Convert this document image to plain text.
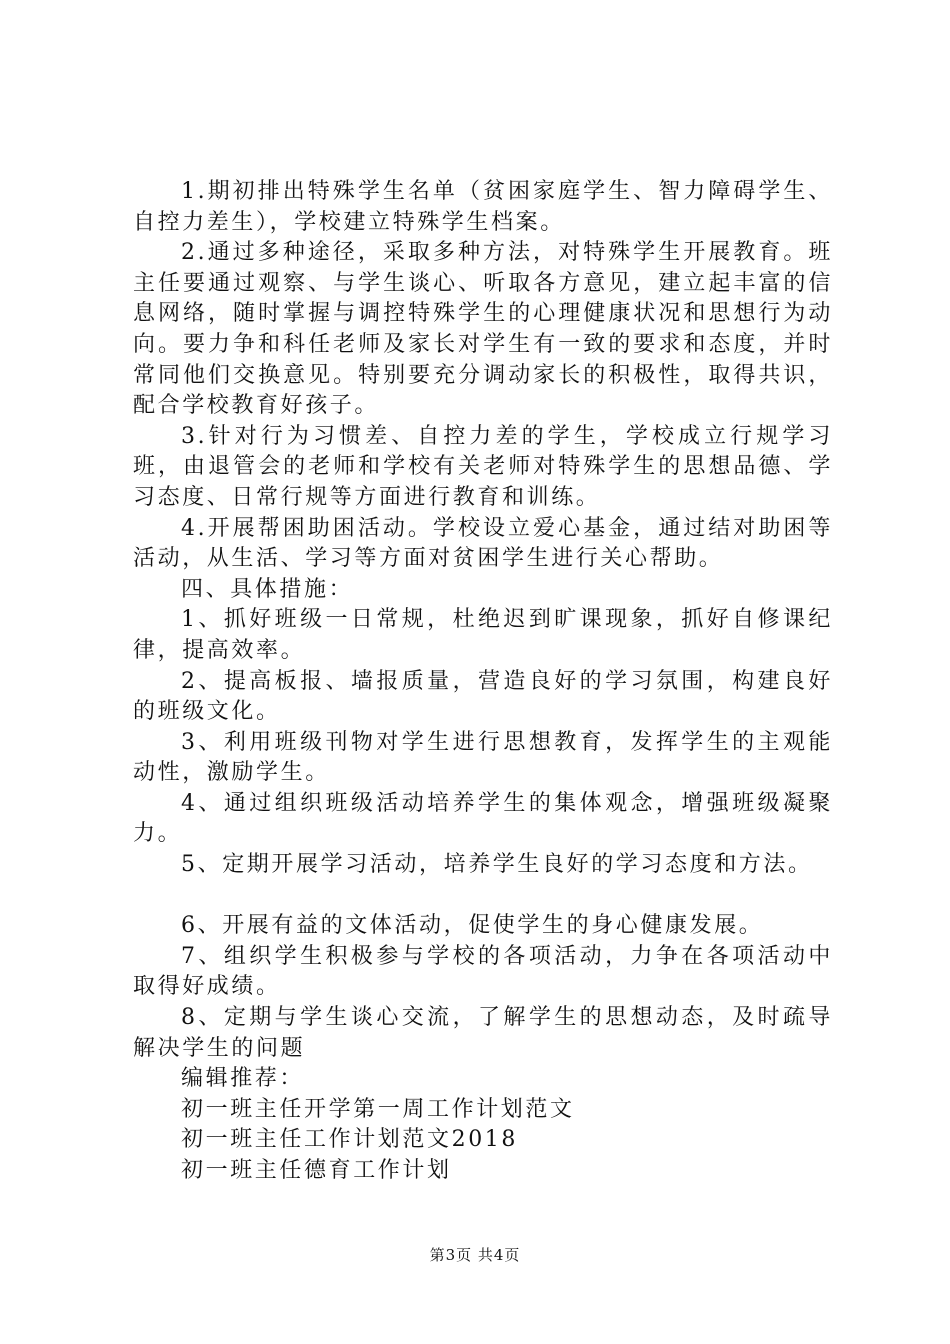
1.期初排出特殊学生名单（贫困家庭学生、智力障碍学生、自控力差生），学校建立特殊学生档案。

2.通过多种途径，采取多种方法，对特殊学生开展教育。班主任要通过观察、与学生谈心、听取各方意见，建立起丰富的信息网络，随时掌握与调控特殊学生的心理健康状况和思想行为动向。要力争和科任老师及家长对学生有一致的要求和态度，并时常同他们交换意见。特别要充分调动家长的积极性，取得共识，配合学校教育好孩子。

3.针对行为习惯差、自控力差的学生，学校成立行规学习班，由退管会的老师和学校有关老师对特殊学生的思想品德、学习态度、日常行规等方面进行教育和训练。

4.开展帮困助困活动。学校设立爱心基金，通过结对助困等活动，从生活、学习等方面对贫困学生进行关心帮助。

四、具体措施：

1、抓好班级一日常规，杜绝迟到旷课现象，抓好自修课纪律，提高效率。

2、提高板报、墙报质量，营造良好的学习氛围，构建良好的班级文化。

3、利用班级刊物对学生进行思想教育，发挥学生的主观能动性，激励学生。

4、通过组织班级活动培养学生的集体观念，增强班级凝聚力。

5、定期开展学习活动，培养学生良好的学习态度和方法。

6、开展有益的文体活动，促使学生的身心健康发展。

7、组织学生积极参与学校的各项活动，力争在各项活动中取得好成绩。

8、定期与学生谈心交流，了解学生的思想动态，及时疏导解决学生的问题

编辑推荐：

初一班主任开学第一周工作计划范文

初一班主任工作计划范文2018

初一班主任德育工作计划

第3页 共4页
